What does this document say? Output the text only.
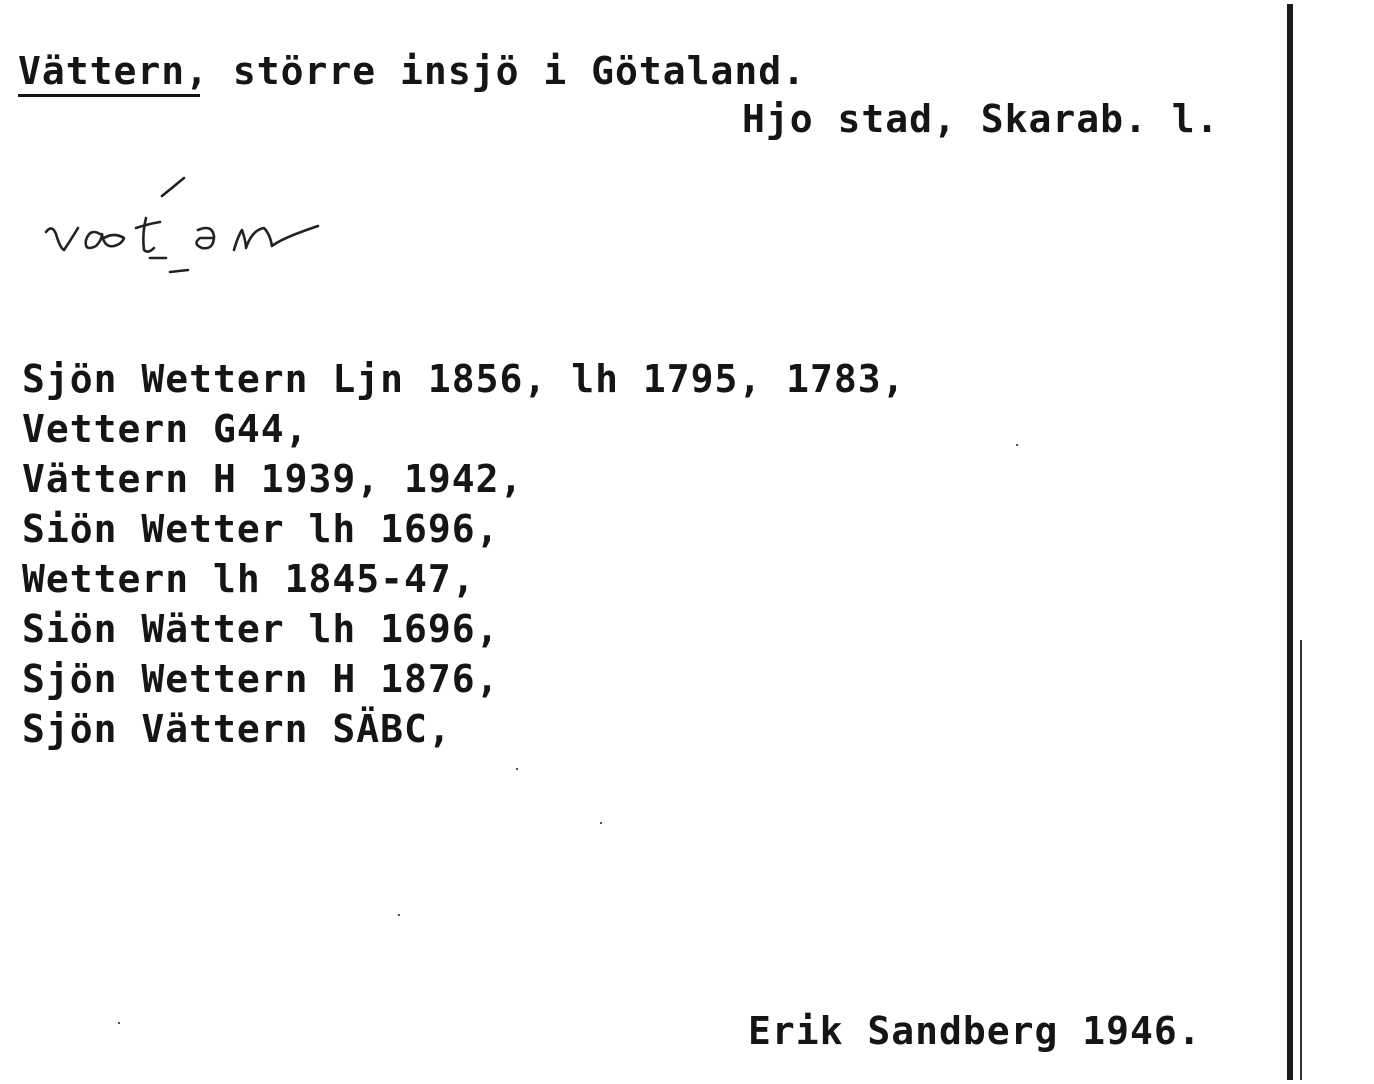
Vättern, större insjö i Götaland.
Hjo stad, Skarab. l.
Sjön Wettern Ljn 1856, lh 1795, 1783,
Vettern G44,
Vättern H 1939, 1942,
Siön Wetter lh 1696,
Wettern lh 1845-47,
Siön Wätter lh 1696,
Sjön Wettern H 1876,
Sjön Vättern SÄBC,
Erik Sandberg 1946.
